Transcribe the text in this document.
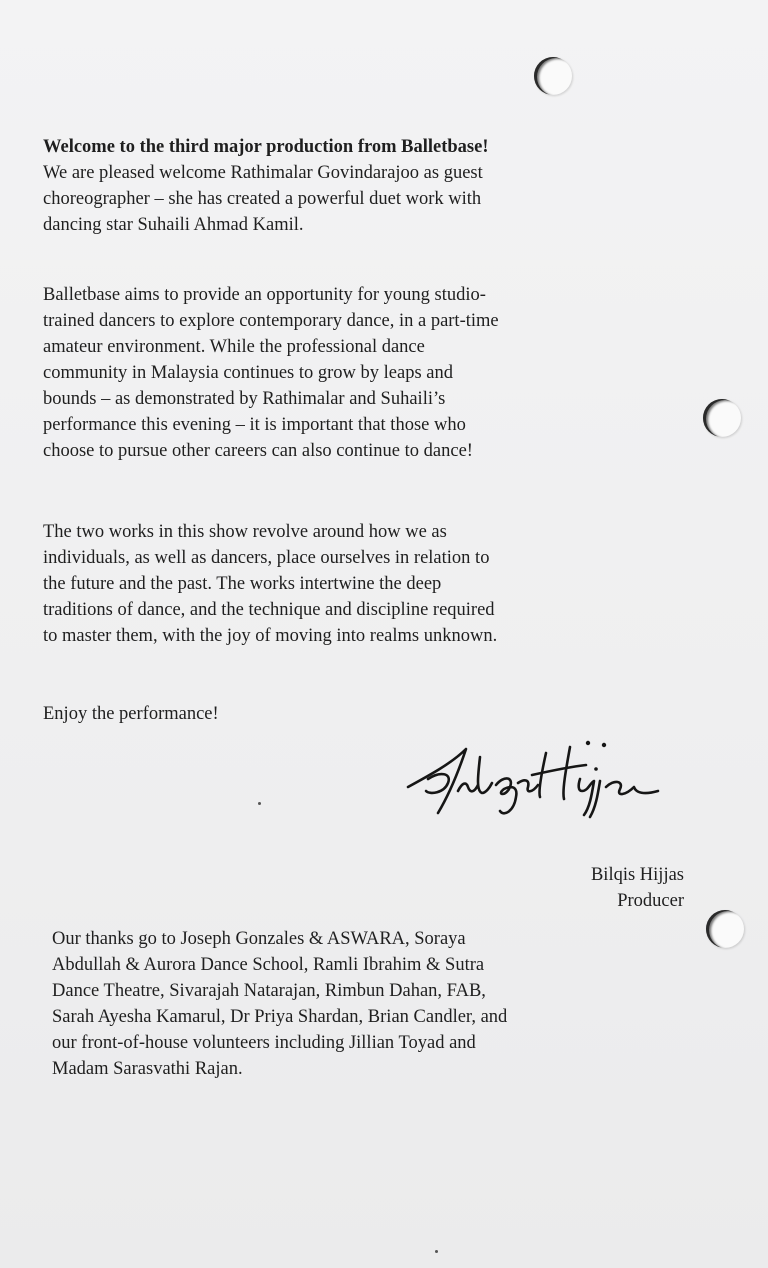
Welcome to the third major production from Balletbase!

We are pleased welcome Rathimalar Govindarajoo as guest
choreographer – she has created a powerful duet work with
dancing star Suhaili Ahmad Kamil.

Balletbase aims to provide an opportunity for young studio-
trained dancers to explore contemporary dance, in a part-time
amateur environment. While the professional dance
community in Malaysia continues to grow by leaps and
bounds – as demonstrated by Rathimalar and Suhaili’s
performance this evening – it is important that those who
choose to pursue other careers can also continue to dance!

The two works in this show revolve around how we as
individuals, as well as dancers, place ourselves in relation to
the future and the past. The works intertwine the deep
traditions of dance, and the technique and discipline required
to master them, with the joy of moving into realms unknown.

Enjoy the performance!

Bilqis Hijjas
Producer

Our thanks go to Joseph Gonzales & ASWARA, Soraya
Abdullah & Aurora Dance School, Ramli Ibrahim & Sutra
Dance Theatre, Sivarajah Natarajan, Rimbun Dahan, FAB,
Sarah Ayesha Kamarul, Dr Priya Shardan, Brian Candler, and
our front-of-house volunteers including Jillian Toyad and
Madam Sarasvathi Rajan.
